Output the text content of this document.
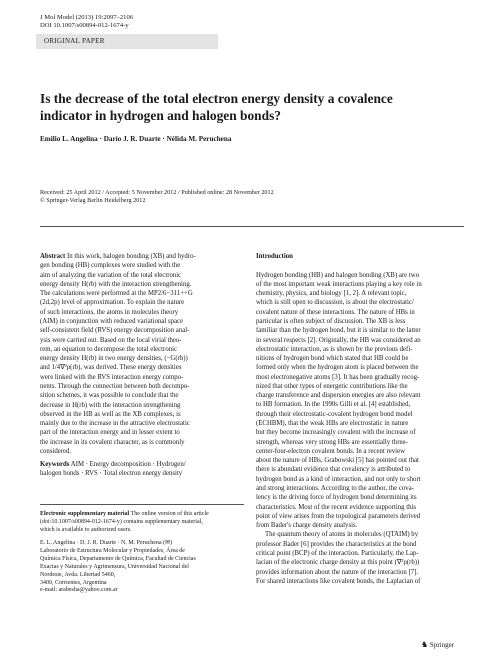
J Mol Model (2013) 19:2097–2106
DOI 10.1007/s00894-012-1674-y
ORIGINAL PAPER
Is the decrease of the total electron energy density a covalence
indicator in hydrogen and halogen bonds?
Emilio L. Angelina · Darío J. R. Duarte · Nélida M. Peruchena
Received: 25 April 2012 / Accepted: 5 November 2012 / Published online: 28 November 2012
© Springer-Verlag Berlin Heidelberg 2012
Abstract In this work, halogen bonding (XB) and hydro-
gen bonding (HB) complexes were studied with the
aim of analyzing the variation of the total electronic
energy density H(rb) with the interaction strengthening.
The calculations were performed at the MP2/6−311++G
(2d,2p) level of approximation. To explain the nature
of such interactions, the atoms in molecules theory
(AIM) in conjunction with reduced variational space
self-consistent field (RVS) energy decomposition anal-
ysis were carried out. Based on the local virial theo-
rem, an equation to decompose the total electronic
energy density H(rb) in two energy densities, (−G(rb))
and 1/4∇²ρ(rb), was derived. These energy densities
were linked with the RVS interaction energy compo-
nents. Through the connection between both decompo-
sition schemes, it was possible to conclude that the
decrease in H(rb) with the interaction strengthening
observed in the HB as well as the XB complexes, is
mainly due to the increase in the attractive electrostatic
part of the interaction energy and in lesser extent to
the increase in its covalent character, as is commonly
considered.
Keywords AIM · Energy decomposition · Hydrogen/
halogen bonds · RVS · Total electron energy density
Electronic supplementary material The online version of this article
(doi:10.1007/s00894-012-1674-y) contains supplementary material,
which is available to authorized users.
E. L. Angelina · D. J. R. Duarte · N. M. Peruchena (✉)
Laboratorio de Estructura Molecular y Propiedades, Área de
Química Física, Departamento de Química, Facultad de Ciencias
Exactas y Naturales y Agrimensura, Universidad Nacional del
Nordeste, Avda. Libertad 5460,
3400, Corrientes, Argentina
e-mail: arabesha@yahoo.com.ar
Introduction
Hydrogen bonding (HB) and halogen bonding (XB) are two
of the most important weak interactions playing a key role in
chemistry, physics, and biology [1, 2]. A relevant topic,
which is still open to discussion, is about the electrostatic/
covalent nature of these interactions. The nature of HBs in
particular is often subject of discussion. The XB is less
familiar than the hydrogen bond, but it is similar to the latter
in several respects [2]. Originally, the HB was considered an
electrostatic interaction, as is shown by the previous defi-
nitions of hydrogen bond which stated that HB could be
formed only when the hydrogen atom is placed between the
most electronegative atoms [3]. It has been gradually recog-
nized that other types of energetic contributions like the
charge transference and dispersion energies are also relevant
to HB formation. In the 1990s Gilli et al. [4] established,
through their electrostatic-covalent hydrogen bond model
(ECHBM), that the weak HBs are electrostatic in nature
but they become increasingly covalent with the increase of
strength, whereas very strong HBs are essentially three-
center-four-electron covalent bonds. In a recent review
about the nature of HBs, Grabowski [5] has pointed out that
there is abundant evidence that covalency is attributed to
hydrogen bond as a kind of interaction, and not only to short
and strong interactions. According to the author, the cova-
lency is the driving force of hydrogen bond determining its
characteristics. Most of the recent evidence supporting this
point of view arises from the topological parameters derived
from Bader's charge density analysis.
The quantum theory of atoms in molecules (QTAIM) by
professor Bader [6] provides the characteristics at the bond
critical point (BCP) of the interaction. Particularly, the Lap-
lacian of the electronic charge density at this point (∇²ρ(rb))
provides information about the nature of the interaction [7].
For shared interactions like covalent bonds, the Laplacian of
♞ Springer
